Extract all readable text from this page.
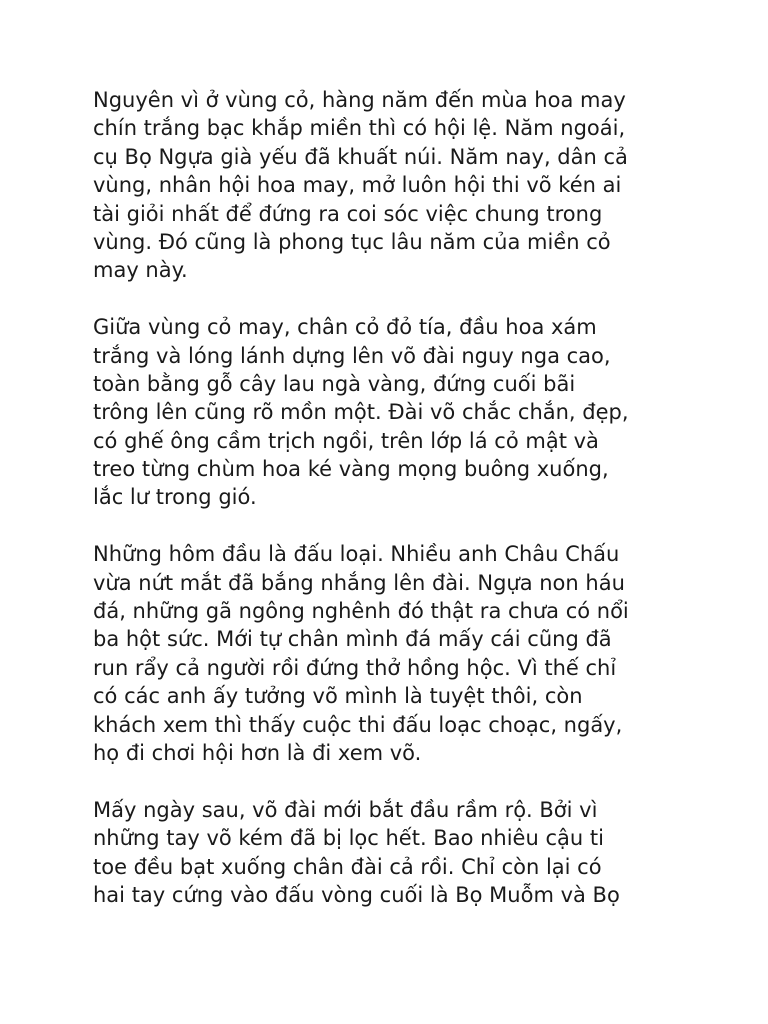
Nguyên vì ở vùng cỏ, hàng năm đến mùa hoa may
chín trắng bạc khắp miền thì có hội lệ. Năm ngoái,
cụ Bọ Ngựa già yếu đã khuất núi. Năm nay, dân cả
vùng, nhân hội hoa may, mở luôn hội thi võ kén ai
tài giỏi nhất để đứng ra coi sóc việc chung trong
vùng. Đó cũng là phong tục lâu năm của miền cỏ
may này.
Giữa vùng cỏ may, chân cỏ đỏ tía, đầu hoa xám
trắng và lóng lánh dựng lên võ đài nguy nga cao,
toàn bằng gỗ cây lau ngà vàng, đứng cuối bãi
trông lên cũng rõ mồn một. Đài võ chắc chắn, đẹp,
có ghế ông cầm trịch ngồi, trên lớp lá cỏ mật và
treo từng chùm hoa ké vàng mọng buông xuống,
lắc lư trong gió.
Những hôm đầu là đấu loại. Nhiều anh Châu Chấu
vừa nứt mắt đã bắng nhắng lên đài. Ngựa non háu
đá, những gã ngông nghênh đó thật ra chưa có nổi
ba hột sức. Mới tự chân mình đá mấy cái cũng đã
run rẩy cả người rồi đứng thở hồng hộc. Vì thế chỉ
có các anh ấy tưởng võ mình là tuyệt thôi, còn
khách xem thì thấy cuộc thi đấu loạc choạc, ngấy,
họ đi chơi hội hơn là đi xem võ.
Mấy ngày sau, võ đài mới bắt đầu rầm rộ. Bởi vì
những tay võ kém đã bị lọc hết. Bao nhiêu cậu ti
toe đều bạt xuống chân đài cả rồi. Chỉ còn lại có
hai tay cứng vào đấu vòng cuối là Bọ Muỗm và Bọ
